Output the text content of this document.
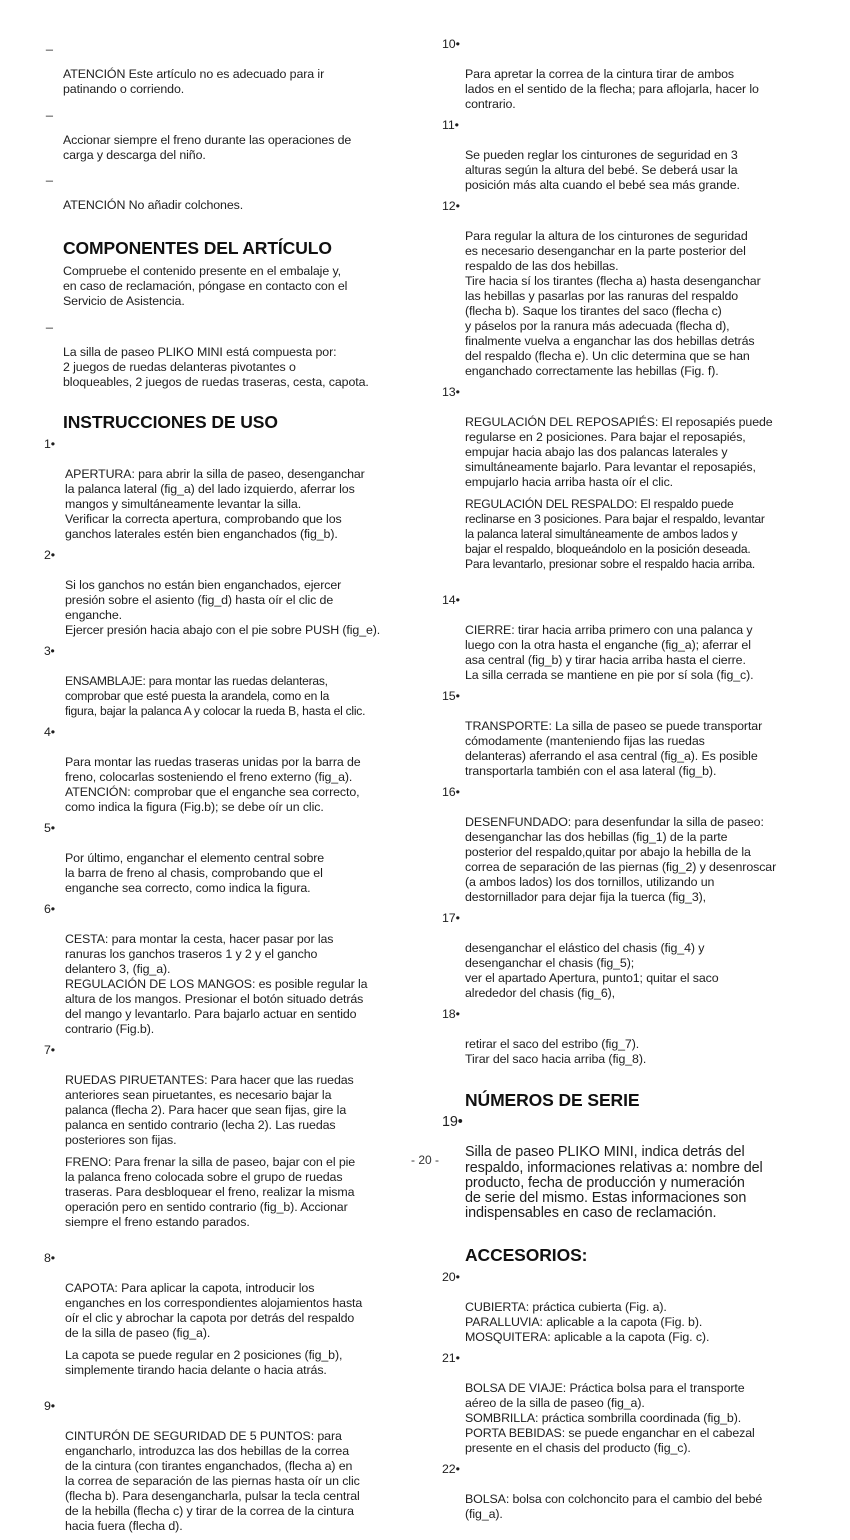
_

ATENCIÓN Este artículo no es adecuado para ir
patinando o corriendo.

_

Accionar siempre el freno durante las operaciones de
carga y descarga del niño.

_

ATENCIÓN No añadir colchones.

COMPONENTES DEL ARTÍCULO
Compruebe el contenido presente en el embalaje y,
en caso de reclamación, póngase en contacto con el
Servicio de Asistencia.

_

La silla de paseo PLIKO MINI está compuesta por:
2 juegos de ruedas delanteras pivotantes o
bloqueables, 2 juegos de ruedas traseras, cesta, capota.

INSTRUCCIONES DE USO

1•

APERTURA: para abrir la silla de paseo, desenganchar
la palanca lateral (fig_a) del lado izquierdo, aferrar los
mangos y simultáneamente levantar la silla.
Verificar la correcta apertura, comprobando que los
ganchos laterales estén bien enganchados (fig_b).

2•

Si los ganchos no están bien enganchados, ejercer
presión sobre el asiento (fig_d) hasta oír el clic de
enganche.
Ejercer presión hacia abajo con el pie sobre PUSH (fig_e).

3•

ENSAMBLAJE: para montar las ruedas delanteras,
comprobar que esté puesta la arandela, como en la
figura, bajar la palanca A y colocar la rueda B, hasta el clic.

4•

Para montar las ruedas traseras unidas por la barra de
freno, colocarlas sosteniendo el freno externo (fig_a).
ATENCIÓN: comprobar que el enganche sea correcto,
como indica la figura (Fig.b); se debe oír un clic.

5•

Por último, enganchar el elemento central sobre
la barra de freno al chasis, comprobando que el
enganche sea correcto, como indica la figura.

6•

CESTA: para montar la cesta, hacer pasar por las
ranuras los ganchos traseros 1 y 2 y el gancho
delantero 3, (fig_a).
REGULACIÓN DE LOS MANGOS: es posible regular la
altura de los mangos. Presionar el botón situado detrás
del mango y levantarlo. Para bajarlo actuar en sentido
contrario (Fig.b).

7•

RUEDAS PIRUETANTES: Para hacer que las ruedas
anteriores sean piruetantes, es necesario bajar la
palanca (flecha 2). Para hacer que sean fijas, gire la
palanca en sentido contrario (lecha 2). Las ruedas
posteriores son fijas.

FRENO: Para frenar la silla de paseo, bajar con el pie
la palanca freno colocada sobre el grupo de ruedas
traseras. Para desbloquear el freno, realizar la misma
operación pero en sentido contrario (fig_b). Accionar
siempre el freno estando parados.

8•

CAPOTA: Para aplicar la capota, introducir los
enganches en los correspondientes alojamientos hasta
oír el clic y abrochar la capota por detrás del respaldo
de la silla de paseo (fig_a).

La capota se puede regular en 2 posiciones (fig_b),
simplemente tirando hacia delante o hacia atrás.

9•

CINTURÓN DE SEGURIDAD DE 5 PUNTOS: para
engancharlo, introduzca las dos hebillas de la correa
de la cintura (con tirantes enganchados, (flecha a) en
la correa de separación de las piernas hasta oír un clic
(flecha b). Para desengancharla, pulsar la tecla central
de la hebilla (flecha c) y tirar de la correa de la cintura
hacia fuera (flecha d).

10•

Para apretar la correa de la cintura tirar de ambos
lados en el sentido de la flecha; para aflojarla, hacer lo
contrario.

11•

Se pueden reglar los cinturones de seguridad en 3
alturas según la altura del bebé. Se deberá usar la
posición más alta cuando el bebé sea más grande.

12•

Para regular la altura de los cinturones de seguridad
es necesario desenganchar en la parte posterior del
respaldo de las dos hebillas.
Tire hacia sí los tirantes (flecha a) hasta desenganchar
las hebillas y pasarlas por las ranuras del respaldo
(flecha b). Saque los tirantes del saco (flecha c)
y páselos por la ranura más adecuada (flecha d),
finalmente vuelva a enganchar las dos hebillas detrás
del respaldo (flecha e). Un clic determina que se han
enganchado correctamente las hebillas (Fig. f).

13•

REGULACIÓN DEL REPOSAPIÉS: El reposapiés puede
regularse en 2 posiciones. Para bajar el reposapiés,
empujar hacia abajo las dos palancas laterales y
simultáneamente bajarlo. Para levantar el reposapiés,
empujarlo hacia arriba hasta oír el clic.

REGULACIÓN DEL RESPALDO: El respaldo puede
reclinarse en 3 posiciones. Para bajar el respaldo, levantar
la palanca lateral simultáneamente de ambos lados y
bajar el respaldo, bloqueándolo en la posición deseada.
Para levantarlo, presionar sobre el respaldo hacia arriba.

14•

CIERRE: tirar hacia arriba primero con una palanca y
luego con la otra hasta el enganche (fig_a); aferrar el
asa central (fig_b) y tirar hacia arriba hasta el cierre.
La silla cerrada se mantiene en pie por sí sola (fig_c).

15•

TRANSPORTE: La silla de paseo se puede transportar
cómodamente (manteniendo fijas las ruedas
delanteras) aferrando el asa central (fig_a). Es posible
transportarla también con el asa lateral (fig_b).

16•

DESENFUNDADO: para desenfundar la silla de paseo:
desenganchar las dos hebillas (fig_1) de la parte
posterior del respaldo,quitar por abajo la hebilla de la
correa de separación de las piernas (fig_2) y desenroscar
(a ambos lados) los dos tornillos, utilizando un
destornillador para dejar fija la tuerca (fig_3),

17•

desenganchar el elástico del chasis (fig_4) y
desenganchar el chasis (fig_5);
ver el apartado Apertura, punto1; quitar el saco
alrededor del chasis (fig_6),

18•

retirar el saco del estribo (fig_7).
Tirar del saco hacia arriba (fig_8).

NÚMEROS DE SERIE

19•

Silla de paseo PLIKO MINI, indica detrás del
respaldo, informaciones relativas a: nombre del
producto, fecha de producción y numeración
de serie del mismo. Estas informaciones son
indispensables en caso de reclamación.

ACCESORIOS:

20•

CUBIERTA: práctica cubierta (Fig. a).
PARALLUVIA: aplicable a la capota (Fig. b).
MOSQUITERA: aplicable a la capota (Fig. c).

21•

BOLSA DE VIAJE: Práctica bolsa para el transporte
aéreo de la silla de paseo (fig_a).
SOMBRILLA: práctica sombrilla coordinada (fig_b).
PORTA BEBIDAS: se puede enganchar en el cabezal
presente en el chasis del producto (fig_c).

22•

BOLSA: bolsa con colchoncito para el cambio del bebé
(fig_a).

- 20 -
